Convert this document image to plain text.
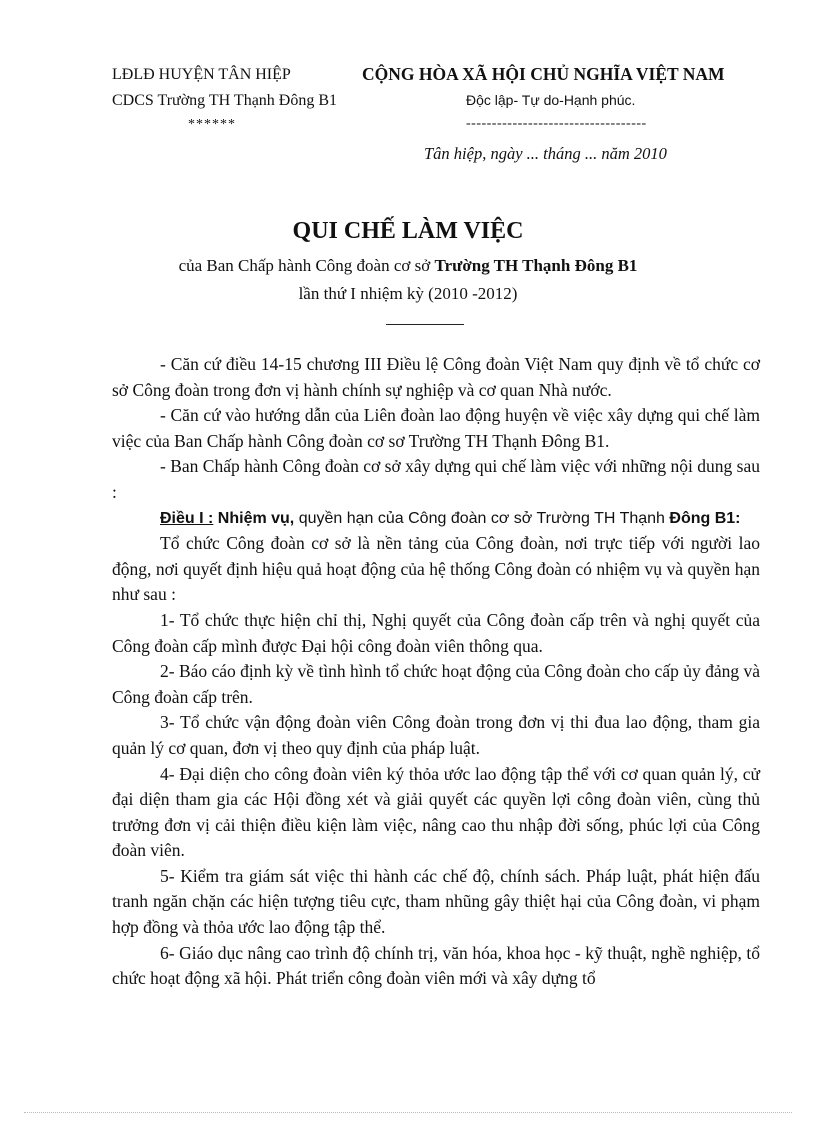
LĐLĐ HUYỆN TÂN HIỆP
CDCS Trường TH Thạnh Đông B1
******
CỘNG HÒA XÃ HỘI CHỦ NGHĨA VIỆT NAM
Độc lập- Tự do-Hạnh phúc.
-----------------------------------
Tân hiệp, ngày ... tháng ... năm 2010
QUI CHẾ LÀM VIỆC
của Ban Chấp hành Công đoàn cơ sở Trường TH Thạnh Đông B1
lần thứ I nhiệm kỳ (2010 -2012)

- Căn cứ điều 14-15 chương III Điều lệ Công đoàn Việt Nam quy định về tổ chức cơ sở Công đoàn trong đơn vị hành chính sự nghiệp và cơ quan Nhà nước.

- Căn cứ vào hướng dẫn của Liên đoàn lao động huyện về việc xây dựng qui chế làm việc của Ban Chấp hành Công đoàn cơ sơ Trường TH Thạnh Đông B1.

- Ban Chấp hành Công đoàn cơ sở xây dựng qui chế làm việc với những nội dung sau :

Điều I : Nhiệm vụ, quyền hạn của Công đoàn cơ sở Trường TH Thạnh Đông B1:

Tổ chức Công đoàn cơ sở là nền tảng của Công đoàn, nơi trực tiếp với người lao động, nơi quyết định hiệu quả hoạt động của hệ thống Công đoàn có nhiệm vụ và quyền hạn như sau :

1- Tổ chức thực hiện chỉ thị, Nghị quyết của Công đoàn cấp trên và nghị quyết của Công đoàn cấp mình được Đại hội công đoàn viên thông qua.

2- Báo cáo định kỳ về tình hình tổ chức hoạt động của Công đoàn cho cấp ủy đảng và Công đoàn cấp trên.

3- Tổ chức vận động đoàn viên Công đoàn trong đơn vị thi đua lao động, tham gia quản lý cơ quan, đơn vị theo quy định của pháp luật.

4- Đại diện cho công đoàn viên ký thỏa ước lao động tập thể với cơ quan quản lý, cử đại diện tham gia các Hội đồng xét và giải quyết các quyền lợi công đoàn viên, cùng thủ trưởng đơn vị cải thiện điều kiện làm việc, nâng cao thu nhập đời sống, phúc lợi của Công đoàn viên.

5- Kiểm tra giám sát việc thi hành các chế độ, chính sách. Pháp luật, phát hiện đấu tranh ngăn chặn các hiện tượng tiêu cực, tham nhũng gây thiệt hại của Công đoàn, vi phạm hợp đồng và thỏa ước lao động tập thể.

6- Giáo dục nâng cao trình độ chính trị, văn hóa, khoa học - kỹ thuật, nghề nghiệp, tổ chức hoạt động xã hội. Phát triển công đoàn viên mới và xây dựng tổ
